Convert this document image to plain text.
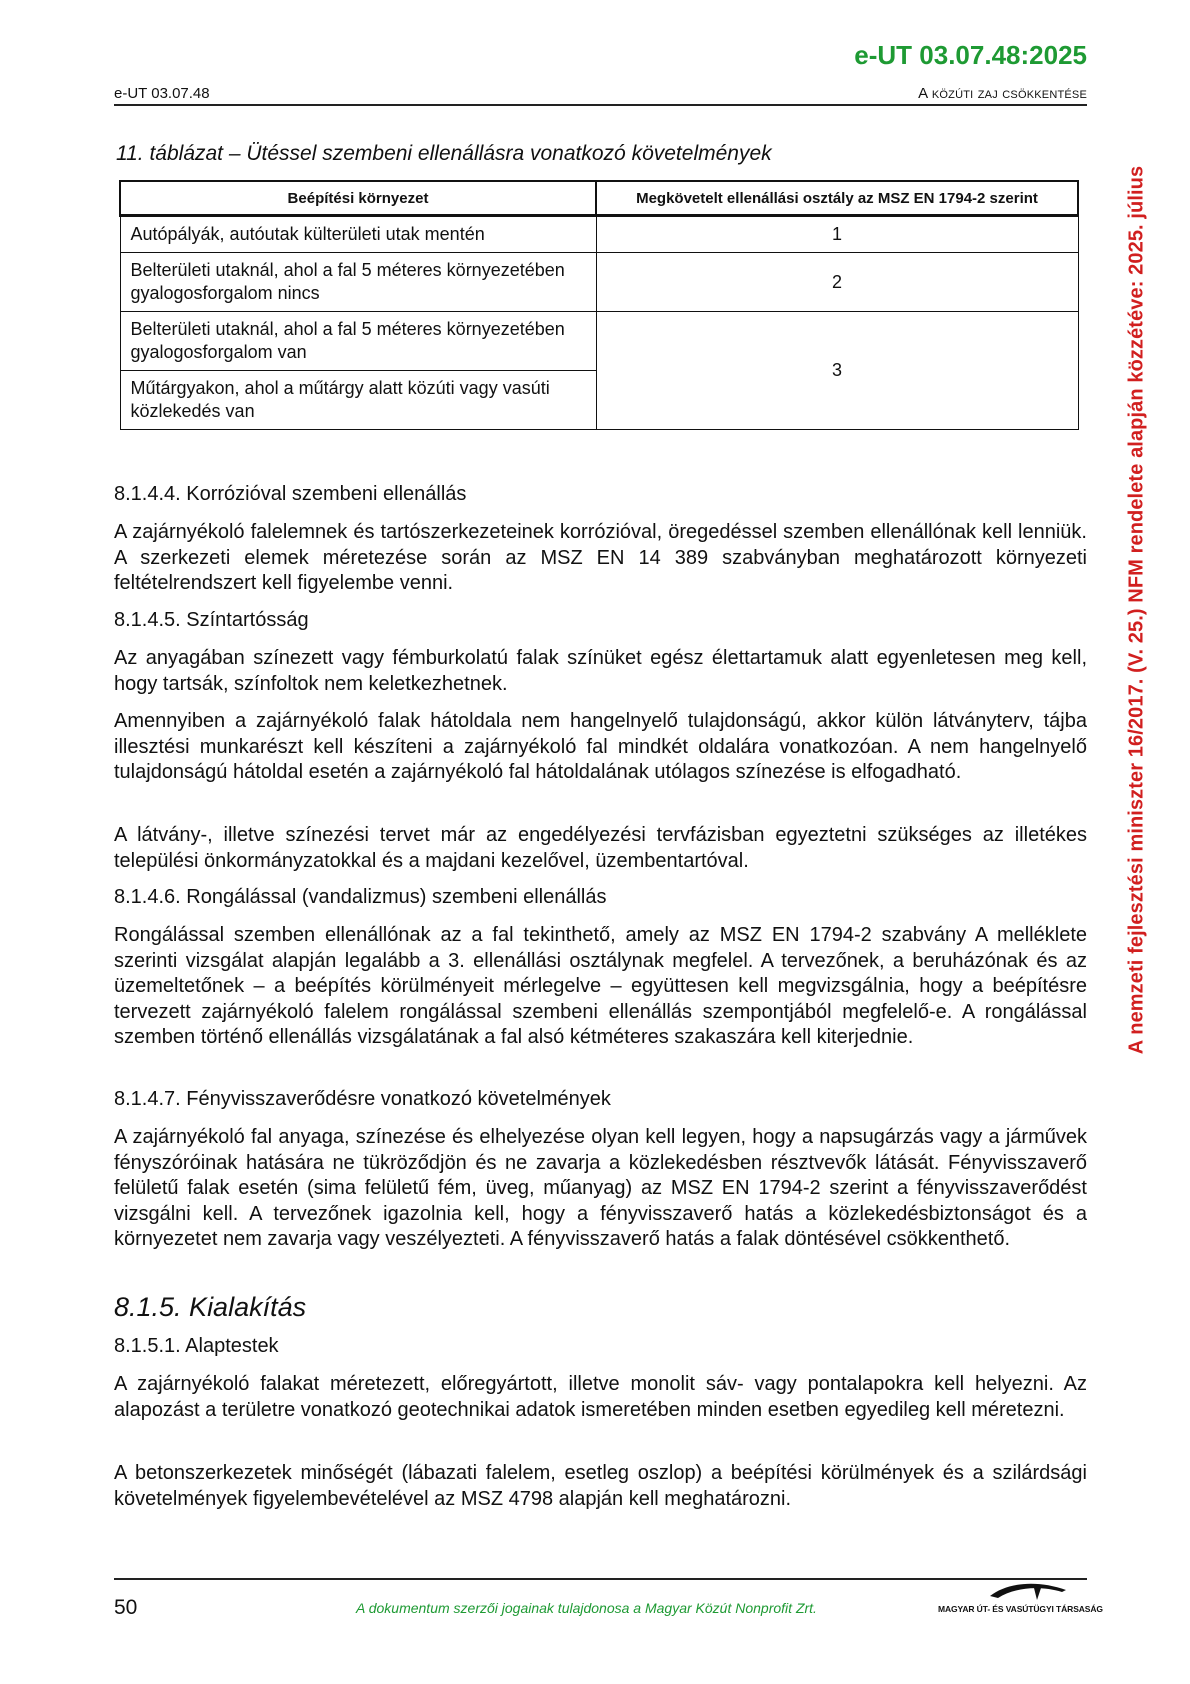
e-UT 03.07.48:2025
e-UT 03.07.48	A közúti zaj csökkentése
A nemzeti fejlesztési miniszter 16/2017. (V. 25.) NFM rendelete alapján közzétéve: 2025. július
11. táblázat – Ütéssel szembeni ellenállásra vonatkozó követelmények
Beépítési környezet	Megkövetelt ellenállási osztály az MSZ EN 1794-2 szerint
Autópályák, autóutak külterületi utak mentén	1
Belterületi utaknál, ahol a fal 5 méteres környezetében gyalogosforgalom nincs	2
Belterületi utaknál, ahol a fal 5 méteres környezetében gyalogosforgalom van	3
Műtárgyakon, ahol a műtárgy alatt közúti vagy vasúti közlekedés van	
8.1.4.4. Korrózióval szembeni ellenállás
A zajárnyékoló falelemnek és tartószerkezeteinek korrózióval, öregedéssel szemben ellenállónak kell lenniük. A szerkezeti elemek méretezése során az MSZ EN 14 389 szabványban meghatározott környezeti feltételrendszert kell figyelembe venni.
8.1.4.5. Színtartósság
Az anyagában színezett vagy fémburkolatú falak színüket egész élettartamuk alatt egyenletesen meg kell, hogy tartsák, színfoltok nem keletkezhetnek.
Amennyiben a zajárnyékoló falak hátoldala nem hangelnyelő tulajdonságú, akkor külön látványterv, tájba illesztési munkarészt kell készíteni a zajárnyékoló fal mindkét oldalára vonatkozóan. A nem hangelnyelő tulajdonságú hátoldal esetén a zajárnyékoló fal hátoldalának utólagos színezése is elfogadható.
A látvány-, illetve színezési tervet már az engedélyezési tervfázisban egyeztetni szükséges az illetékes települési önkormányzatokkal és a majdani kezelővel, üzembentartóval.
8.1.4.6. Rongálással (vandalizmus) szembeni ellenállás
Rongálással szemben ellenállónak az a fal tekinthető, amely az MSZ EN 1794-2 szabvány A melléklete szerinti vizsgálat alapján legalább a 3. ellenállási osztálynak megfelel. A tervezőnek, a beruházónak és az üzemeltetőnek – a beépítés körülményeit mérlegelve – együttesen kell megvizsgálnia, hogy a beépítésre tervezett zajárnyékoló falelem rongálással szembeni ellenállás szempontjából megfelelő-e. A rongálással szemben történő ellenállás vizsgálatának a fal alsó kétméteres szakaszára kell kiterjednie.
8.1.4.7. Fényvisszaverődésre vonatkozó követelmények
A zajárnyékoló fal anyaga, színezése és elhelyezése olyan kell legyen, hogy a napsugárzás vagy a járművek fényszóróinak hatására ne tükröződjön és ne zavarja a közlekedésben résztvevők látását. Fényvisszaverő felületű falak esetén (sima felületű fém, üveg, műanyag) az MSZ EN 1794-2 szerint a fényvisszaverődést vizsgálni kell. A tervezőnek igazolnia kell, hogy a fényvisszaverő hatás a közlekedésbiztonságot és a környezetet nem zavarja vagy veszélyezteti. A fényvisszaverő hatás a falak döntésével csökkenthető.
8.1.5. Kialakítás
8.1.5.1. Alaptestek
A zajárnyékoló falakat méretezett, előregyártott, illetve monolit sáv- vagy pontalapokra kell helyezni. Az alapozást a területre vonatkozó geotechnikai adatok ismeretében minden esetben egyedileg kell méretezni.
A betonszerkezetek minőségét (lábazati falelem, esetleg oszlop) a beépítési körülmények és a szilárdsági követelmények figyelembevételével az MSZ 4798 alapján kell meghatározni.
50	A dokumentum szerzői jogainak tulajdonosa a Magyar Közút Nonprofit Zrt.	MAGYAR ÚT- ÉS VASÚTÜGYI TÁRSASÁG
